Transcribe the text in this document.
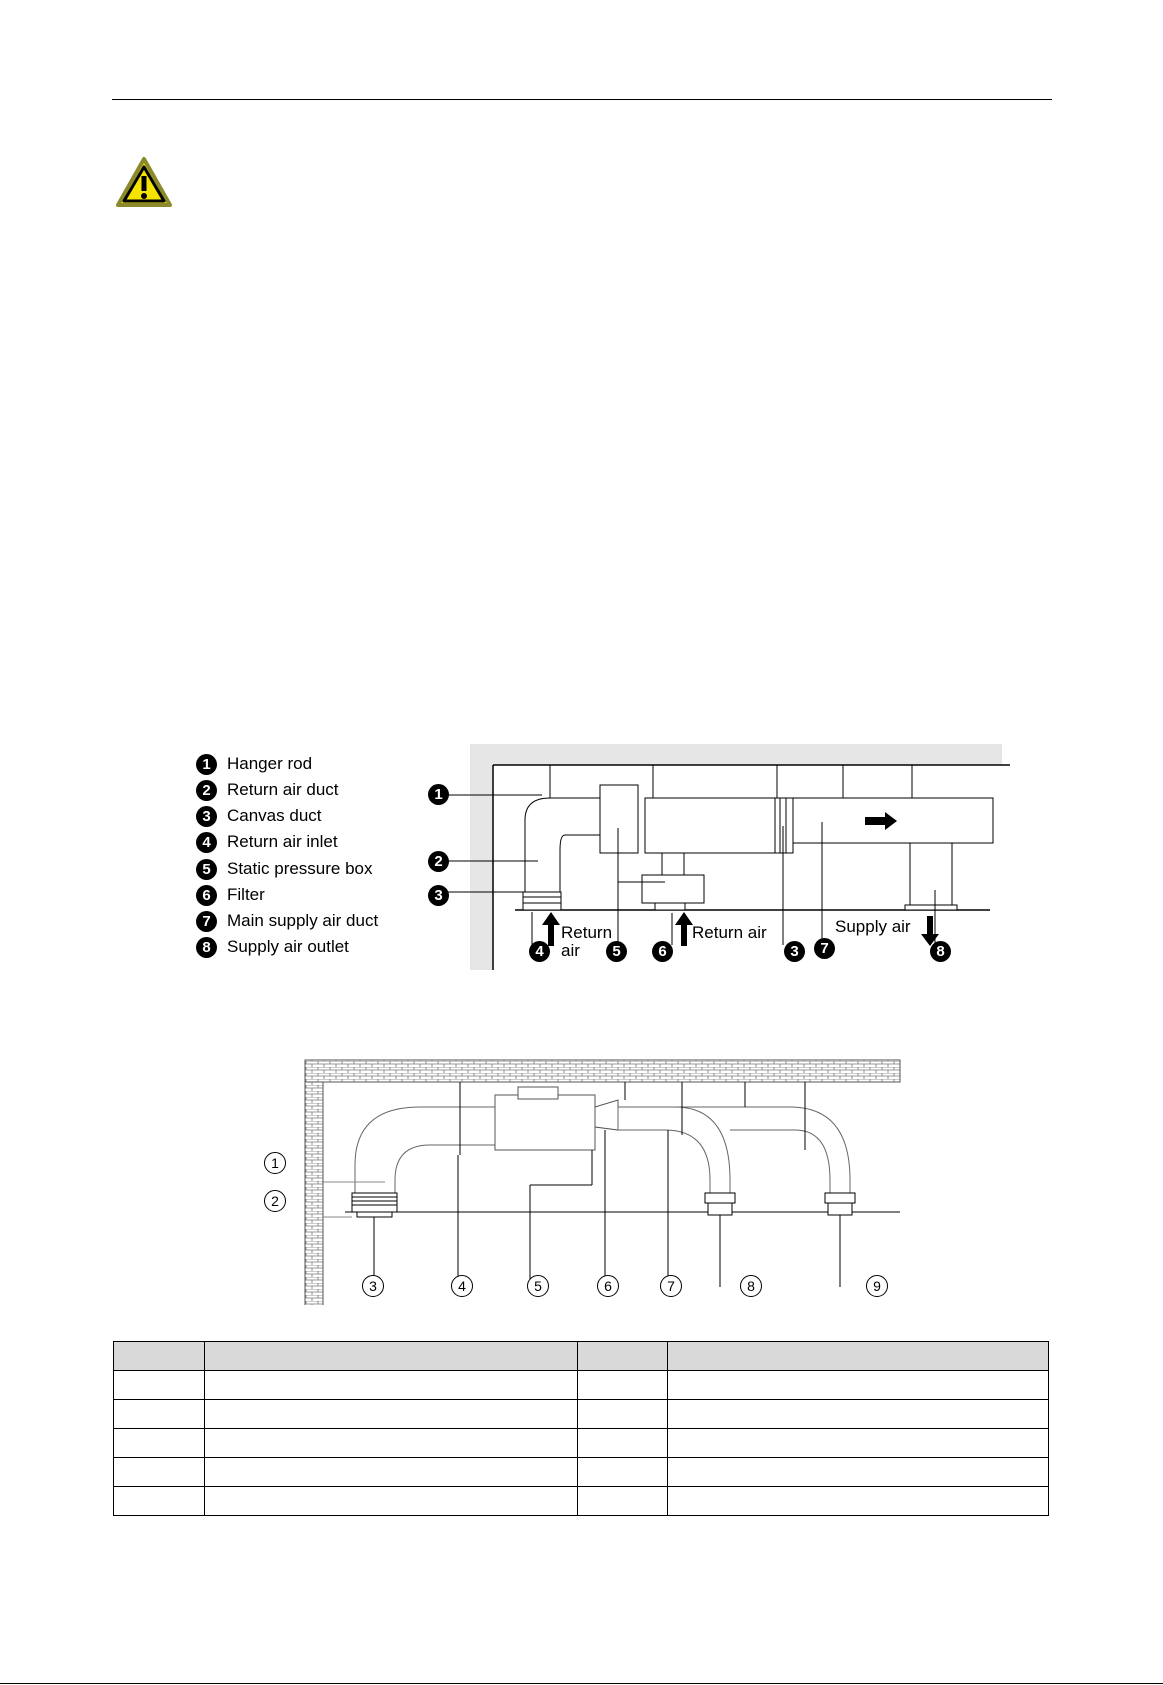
1 Hanger rod
2 Return air duct
3 Canvas duct
4 Return air inlet
5 Static pressure box
6 Filter
7 Main supply air duct
8 Supply air outlet
1
2
3
4	5	6	3	7	8
Return
air
Return air	Supply air
1
2
3	4	5	6	7	8	9
